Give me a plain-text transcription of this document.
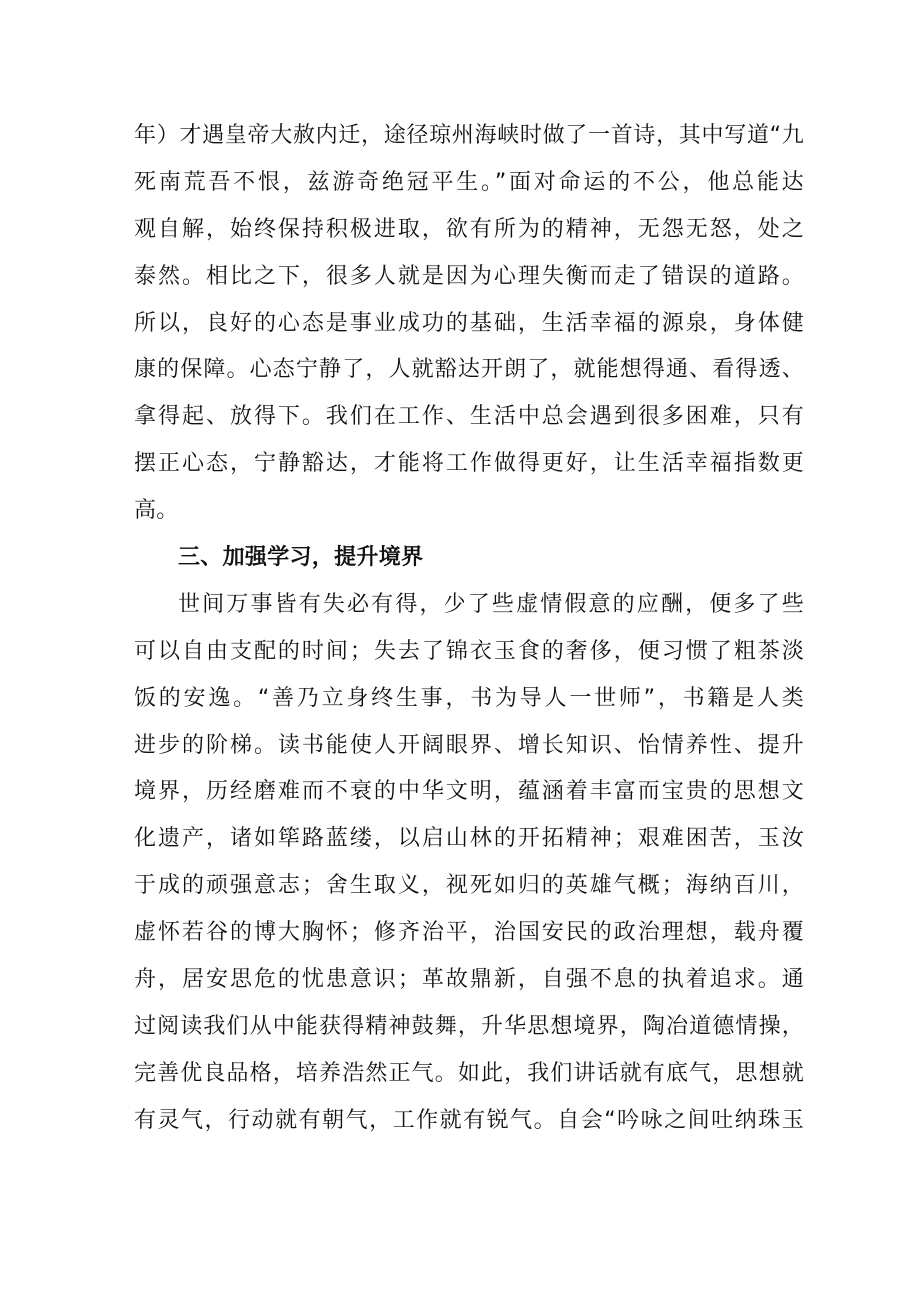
年）才遇皇帝大赦内迁，途径琼州海峡时做了一首诗，其中写道“九
死南荒吾不恨，兹游奇绝冠平生。”面对命运的不公，他总能达
观自解，始终保持积极进取，欲有所为的精神，无怨无怒，处之
泰然。相比之下，很多人就是因为心理失衡而走了错误的道路。
所以，良好的心态是事业成功的基础，生活幸福的源泉，身体健
康的保障。心态宁静了，人就豁达开朗了，就能想得通、看得透、
拿得起、放得下。我们在工作、生活中总会遇到很多困难，只有
摆正心态，宁静豁达，才能将工作做得更好，让生活幸福指数更
高。
三、加强学习，提升境界
世间万事皆有失必有得，少了些虚情假意的应酬，便多了些
可以自由支配的时间；失去了锦衣玉食的奢侈，便习惯了粗茶淡
饭的安逸。“善乃立身终生事，书为导人一世师”，书籍是人类
进步的阶梯。读书能使人开阔眼界、增长知识、怡情养性、提升
境界，历经磨难而不衰的中华文明，蕴涵着丰富而宝贵的思想文
化遗产，诸如筚路蓝缕，以启山林的开拓精神；艰难困苦，玉汝
于成的顽强意志；舍生取义，视死如归的英雄气概；海纳百川，
虚怀若谷的博大胸怀；修齐治平，治国安民的政治理想，载舟覆
舟，居安思危的忧患意识；革故鼎新，自强不息的执着追求。通
过阅读我们从中能获得精神鼓舞，升华思想境界，陶冶道德情操，
完善优良品格，培养浩然正气。如此，我们讲话就有底气，思想就
有灵气，行动就有朝气，工作就有锐气。自会“吟咏之间吐纳珠玉
